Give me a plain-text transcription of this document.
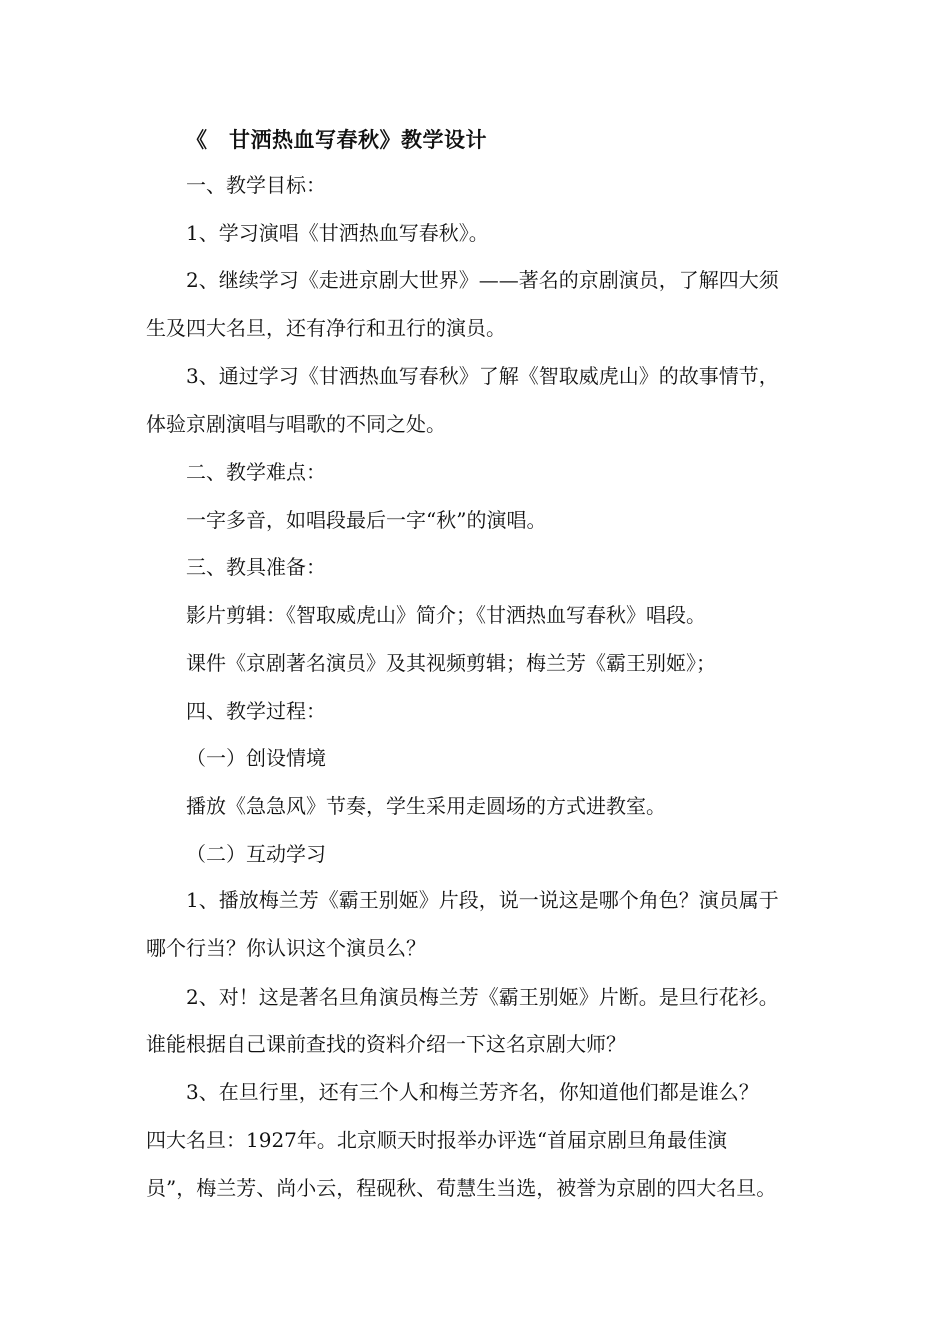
《　甘洒热血写春秋》教学设计
一、教学目标：
1、学习演唱《甘洒热血写春秋》。
2、继续学习《走进京剧大世界》——著名的京剧演员，了解四大须
生及四大名旦，还有净行和丑行的演员。
3、通过学习《甘洒热血写春秋》了解《智取威虎山》的故事情节，
体验京剧演唱与唱歌的不同之处。
二、教学难点：
一字多音，如唱段最后一字“秋”的演唱。
三、教具准备：
影片剪辑：《智取威虎山》简介；《甘洒热血写春秋》唱段。
课件《京剧著名演员》及其视频剪辑；梅兰芳《霸王别姬》；
四、教学过程：
（一）创设情境
播放《急急风》节奏，学生采用走圆场的方式进教室。
（二）互动学习
1、播放梅兰芳《霸王别姬》片段，说一说这是哪个角色？演员属于
哪个行当？你认识这个演员么？
2、对！这是著名旦角演员梅兰芳《霸王别姬》片断。是旦行花衫。
谁能根据自己课前查找的资料介绍一下这名京剧大师？
3、在旦行里，还有三个人和梅兰芳齐名，你知道他们都是谁么？
四大名旦：1927年。北京顺天时报举办评选“首届京剧旦角最佳演
员”，梅兰芳、尚小云，程砚秋、荀慧生当选，被誉为京剧的四大名旦。
